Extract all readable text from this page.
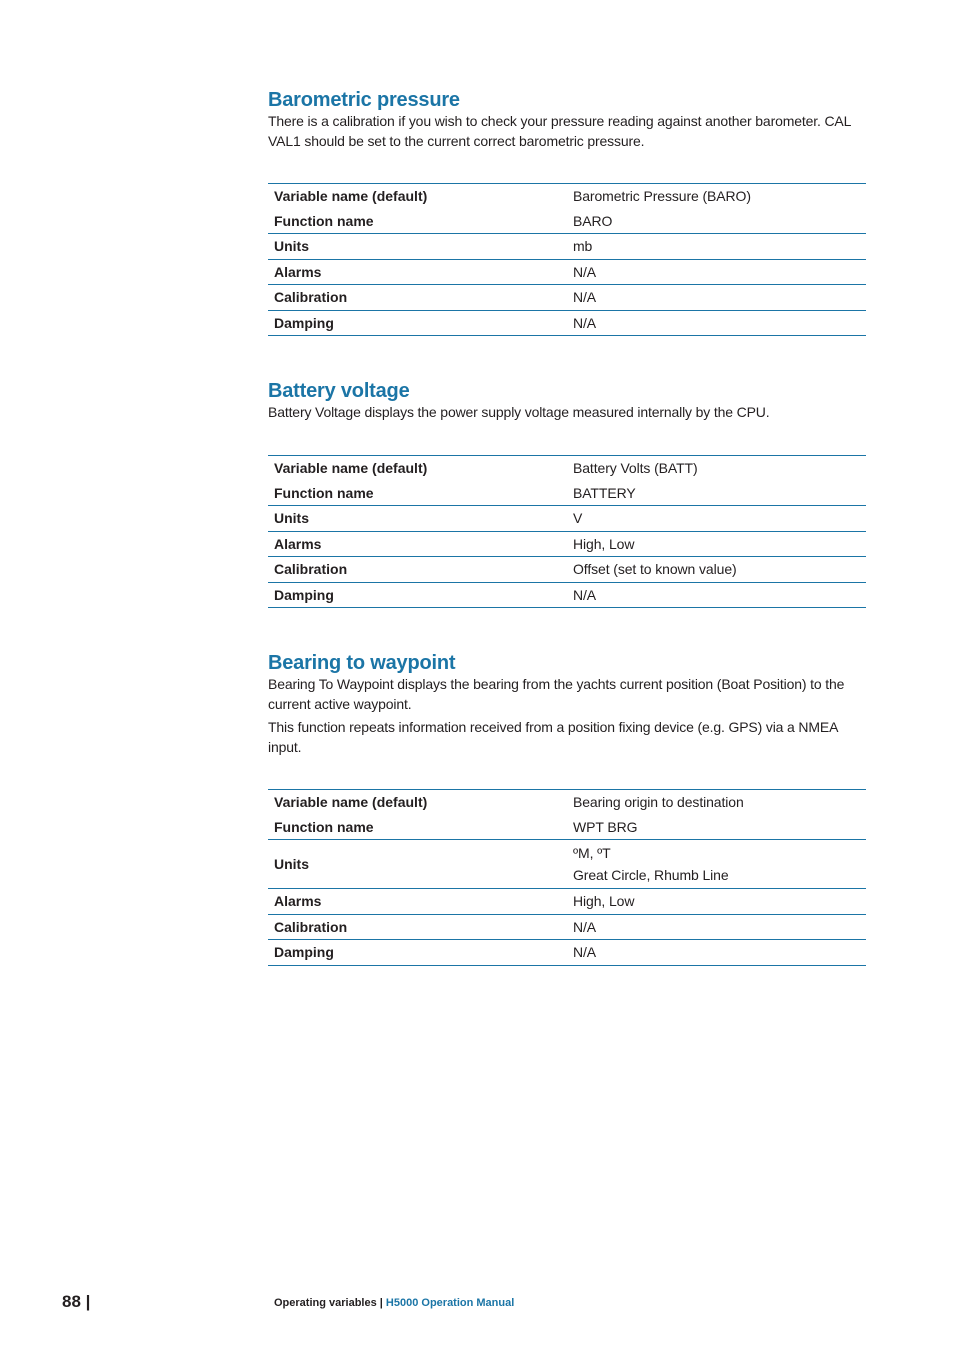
Barometric pressure

There is a calibration if you wish to check your pressure reading against another barometer. CAL VAL1 should be set to the current correct barometric pressure.

Variable name (default)	Barometric Pressure (BARO)
Function name	BARO
Units	mb
Alarms	N/A
Calibration	N/A
Damping	N/A
Battery voltage

Battery Voltage displays the power supply voltage measured internally by the CPU.

Variable name (default)	Battery Volts (BATT)
Function name	BATTERY
Units	V
Alarms	High, Low
Calibration	Offset (set to known value)
Damping	N/A
Bearing to waypoint

Bearing To Waypoint displays the bearing from the yachts current position (Boat Position) to the current active waypoint.

This function repeats information received from a position fixing device (e.g. GPS) via a NMEA input.

Variable name (default)	Bearing origin to destination
Function name	WPT BRG
Units	ºM, ºT
Great Circle, Rhumb Line

Alarms	High, Low
Calibration	N/A
Damping	N/A
88 |	Operating variables | H5000 Operation Manual
